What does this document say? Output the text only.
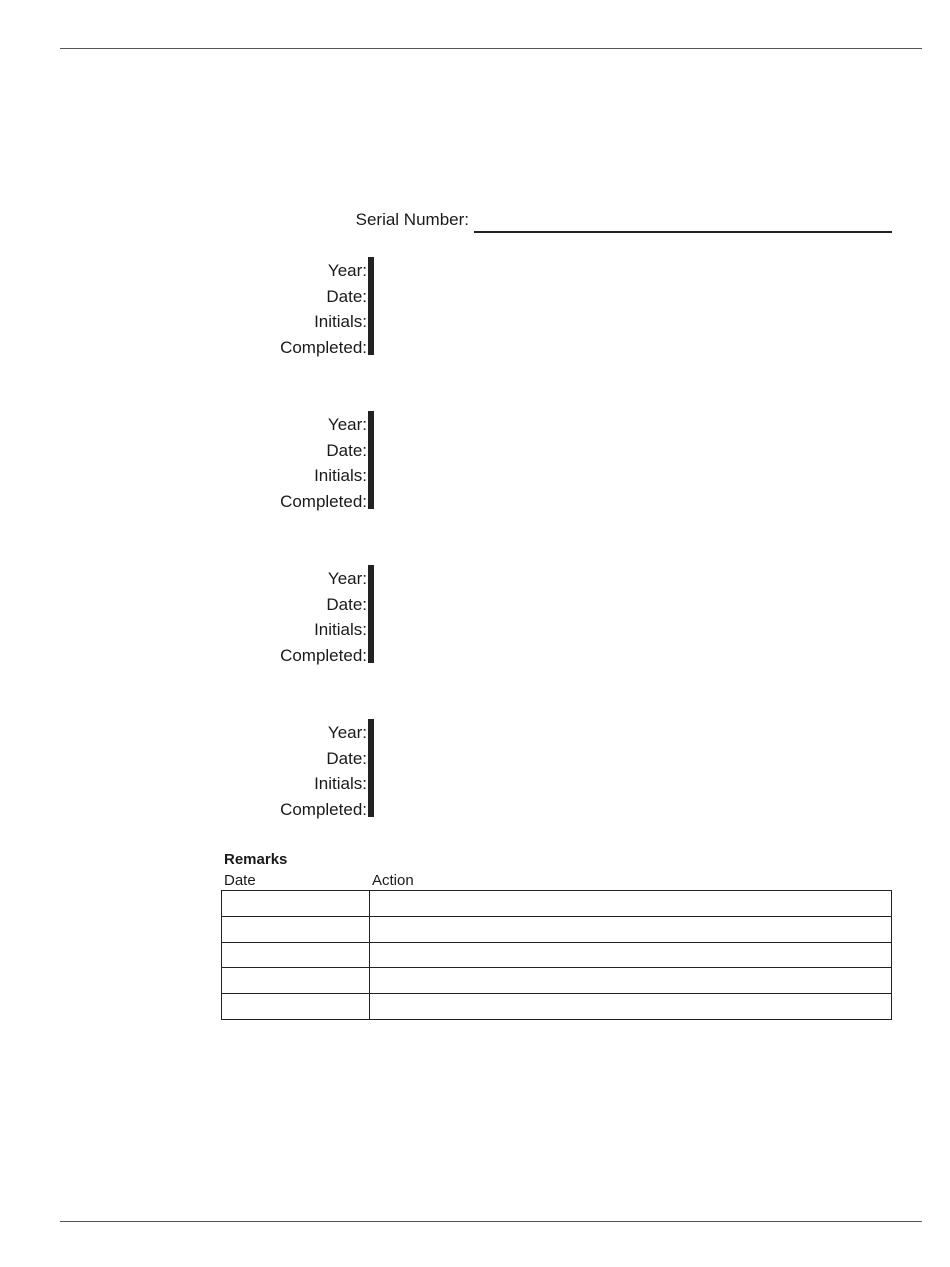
Serial Number:
Year:
Date:
Initials:
Completed:

Year:
Date:
Initials:
Completed:

Year:
Date:
Initials:
Completed:

Year:
Date:
Initials:
Completed:

Remarks
Date	Action
